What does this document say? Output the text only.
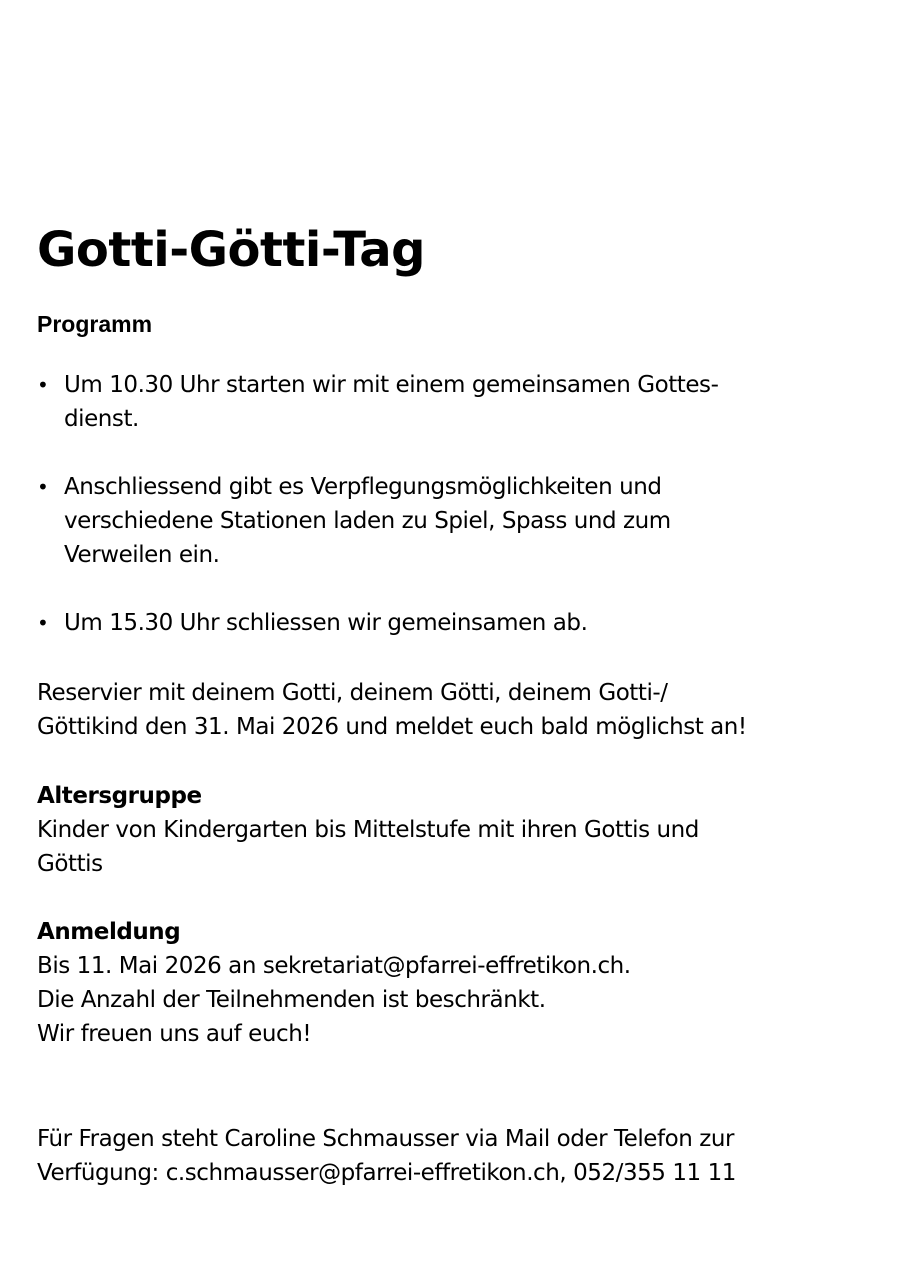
Gotti-Götti-Tag
Programm
• Um 10.30 Uhr starten wir mit einem gemeinsamen Gottes-
dienst.
• Anschliessend gibt es Verpflegungsmöglichkeiten und
verschiedene Stationen laden zu Spiel, Spass und zum
Verweilen ein.
• Um 15.30 Uhr schliessen wir gemeinsamen ab.
Reservier mit deinem Gotti, deinem Götti, deinem Gotti-/
Göttikind den 31. Mai 2026 und meldet euch bald möglichst an!
Altersgruppe
Kinder von Kindergarten bis Mittelstufe mit ihren Gottis und
Göttis
Anmeldung
Bis 11. Mai 2026 an sekretariat@pfarrei-effretikon.ch.
Die Anzahl der Teilnehmenden ist beschränkt.
Wir freuen uns auf euch!
Für Fragen steht Caroline Schmausser via Mail oder Telefon zur
Verfügung: c.schmausser@pfarrei-effretikon.ch, 052/355 11 11
